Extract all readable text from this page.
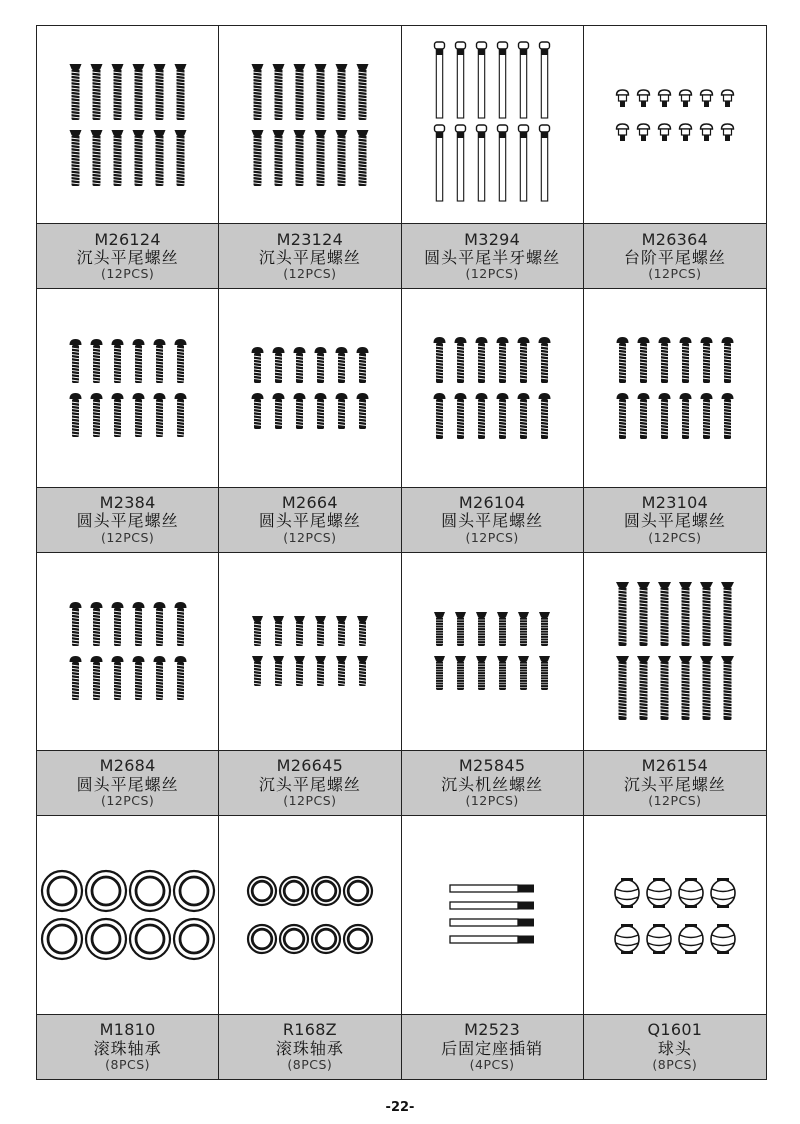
M26124
沉头平尾螺丝
(12PCS)
M23124
沉头平尾螺丝
(12PCS)
M3294
圆头平尾半牙螺丝
(12PCS)
M26364
台阶平尾螺丝
(12PCS)
M2384
圆头平尾螺丝
(12PCS)
M2664
圆头平尾螺丝
(12PCS)
M26104
圆头平尾螺丝
(12PCS)
M23104
圆头平尾螺丝
(12PCS)
M2684
圆头平尾螺丝
(12PCS)
M26645
沉头平尾螺丝
(12PCS)
M25845
沉头机丝螺丝
(12PCS)
M26154
沉头平尾螺丝
(12PCS)
M1810
滚珠轴承
(8PCS)
R168Z
滚珠轴承
(8PCS)
M2523
后固定座插销
(4PCS)
Q1601
球头
(8PCS)
-22-
